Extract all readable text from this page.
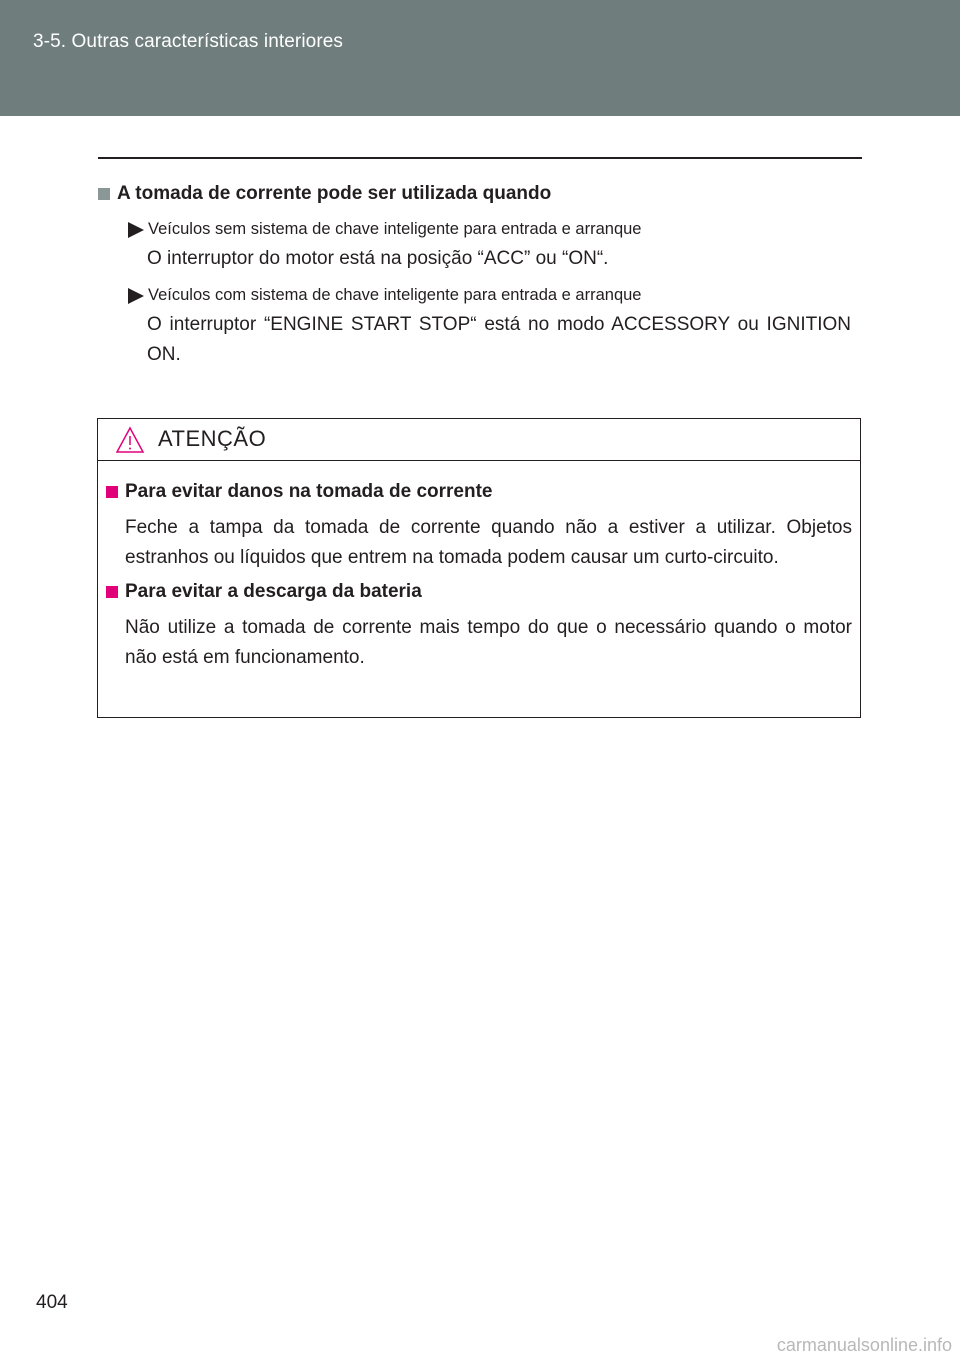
3-5. Outras características interiores
A tomada de corrente pode ser utilizada quando
Veículos sem sistema de chave inteligente para entrada e arranque
O interruptor do motor está na posição “ACC” ou “ON“.
Veículos com sistema de chave inteligente para entrada e arranque
O interruptor “ENGINE START STOP“ está no modo ACCESSORY ou IGNITION ON.
ATENÇÃO
Para evitar danos na tomada de corrente
Feche a tampa da tomada de corrente quando não a estiver a utilizar. Objetos estranhos ou líquidos que entrem na tomada podem causar um curto-circuito.
Para evitar a descarga da bateria
Não utilize a tomada de corrente mais tempo do que o necessário quando o motor não está em funcionamento.
404
carmanualsonline.info
